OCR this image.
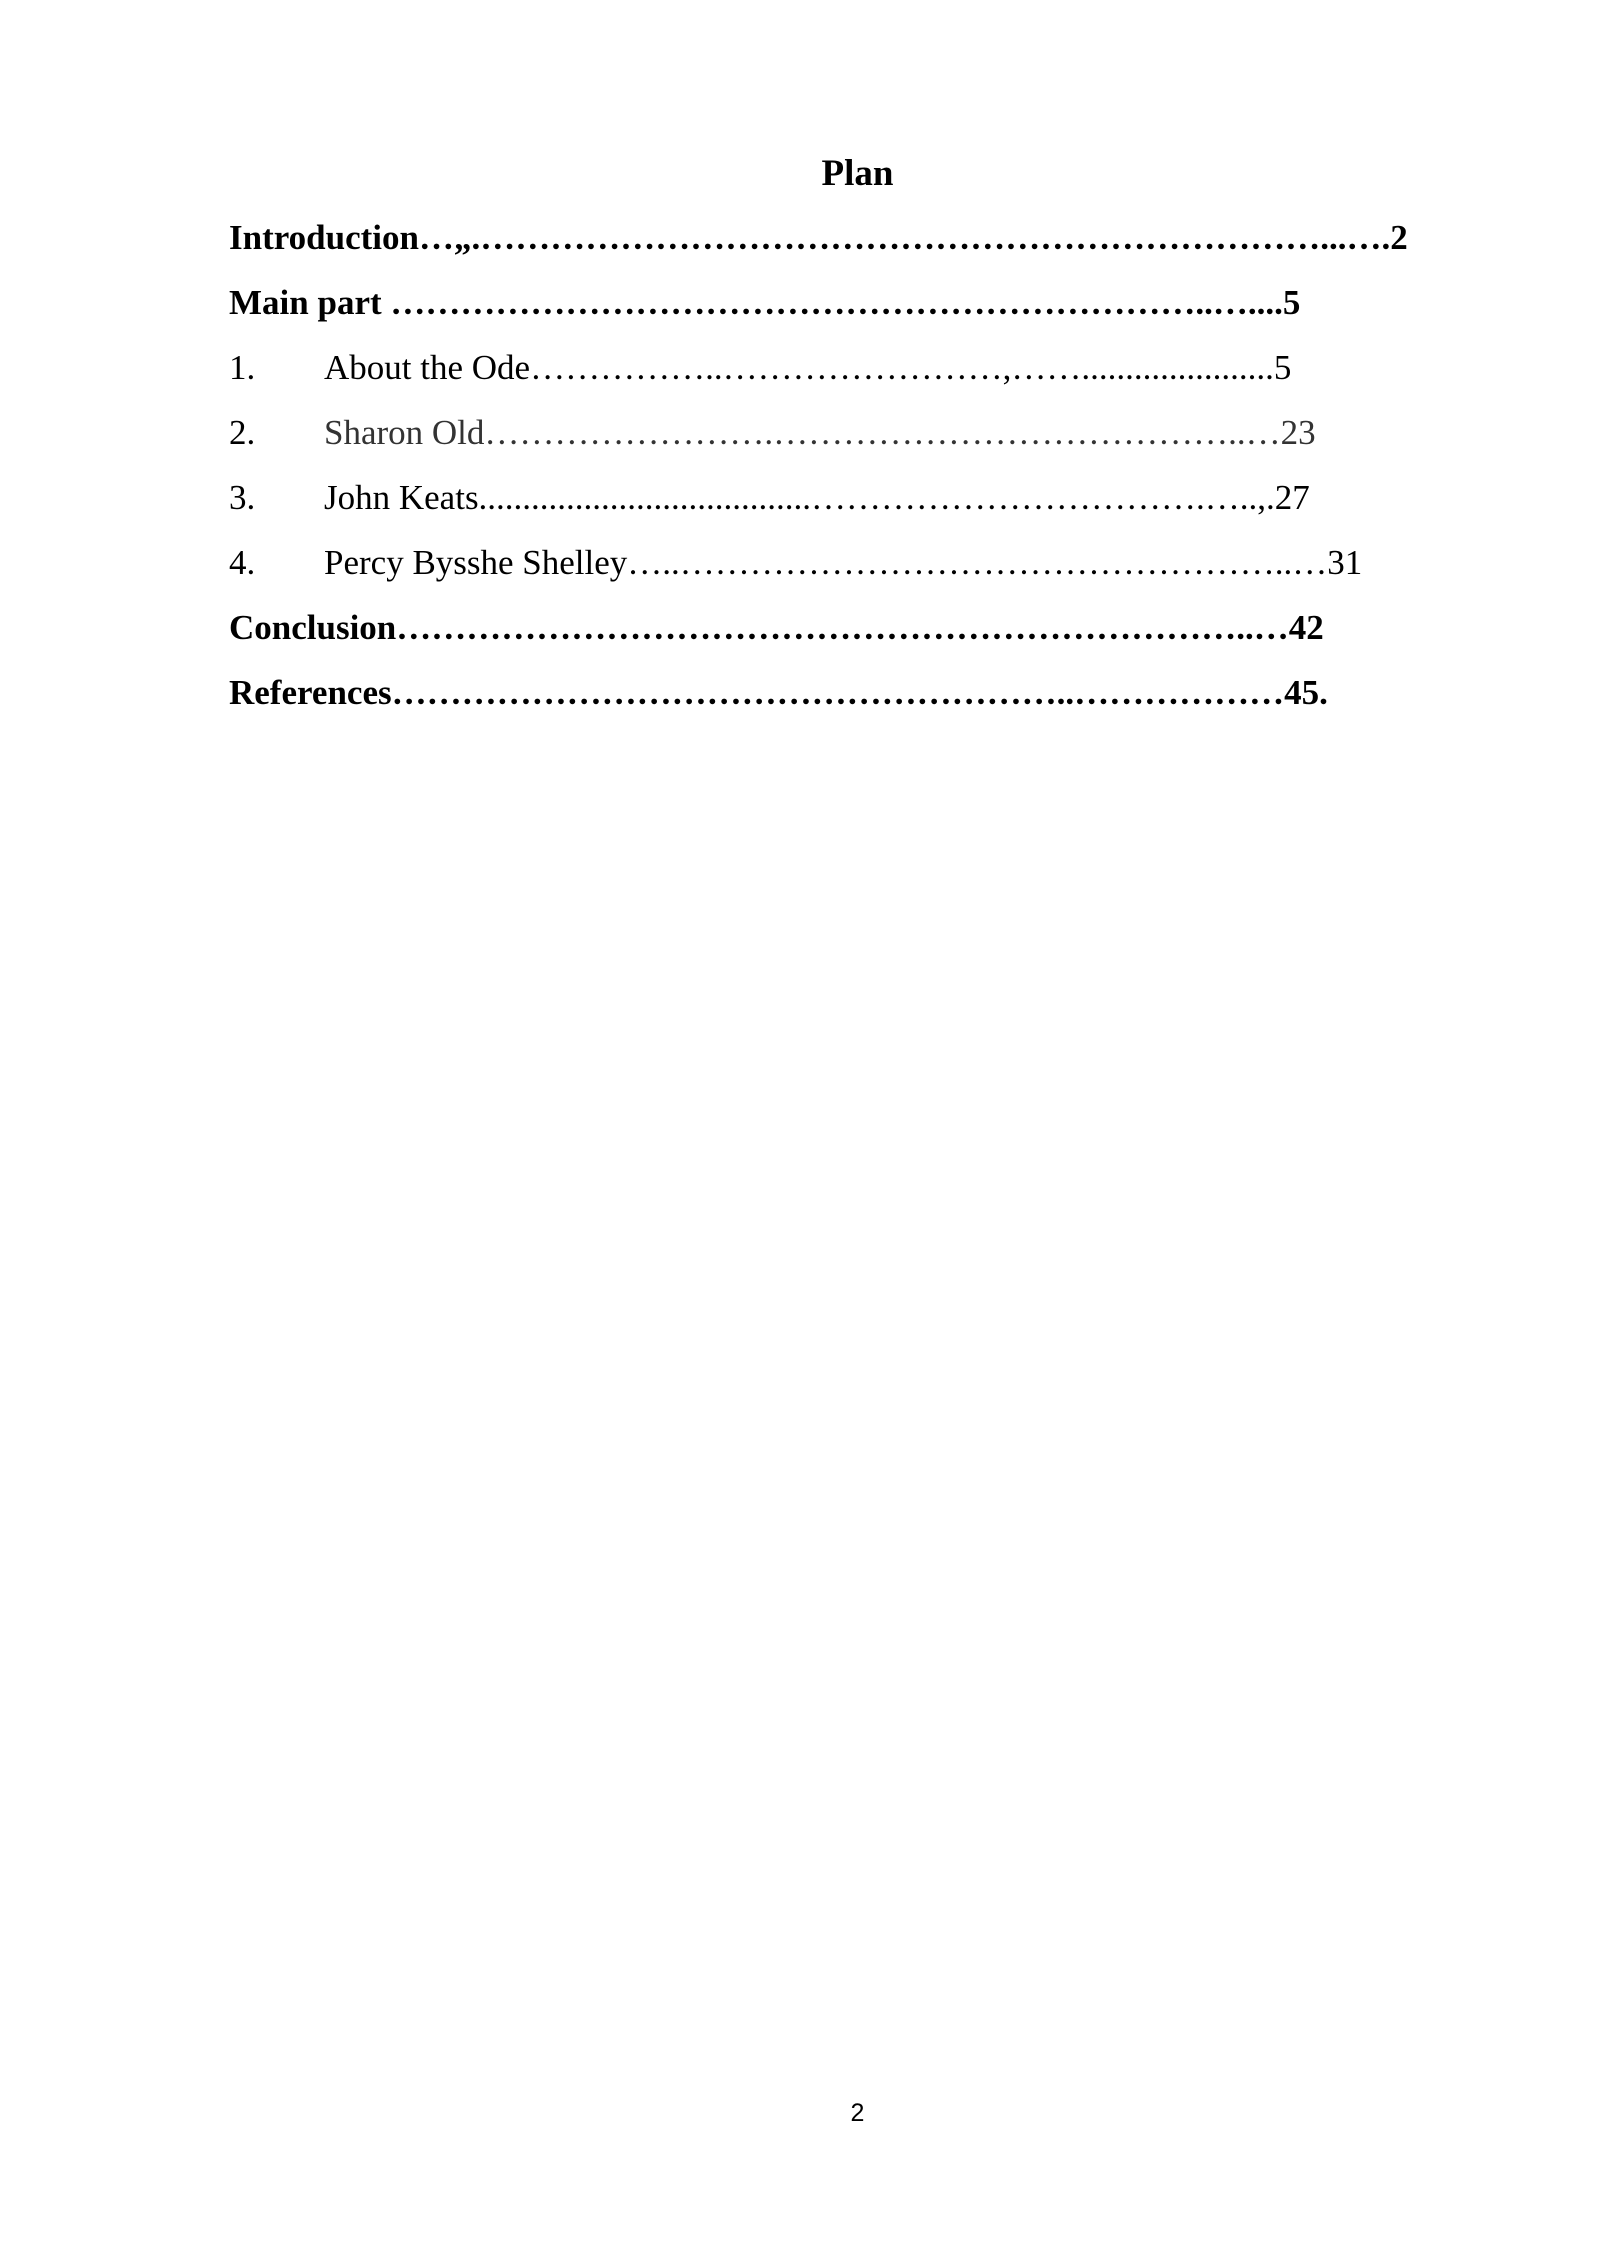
Plan
Introduction…„.………………………………………………………………...….2
Main part ……………………………………………………………..…....5
1. About the Ode……………..……………………,……......................5
2. Sharon Old…………………….…………………………………..…23
3. John Keats......................................…………………………….…..,.27
4. Percy Bysshe Shelley…..……………………………………………..…31
Conclusion………………………………………………………………..…42
References…………………………………………………..………………45.
2
